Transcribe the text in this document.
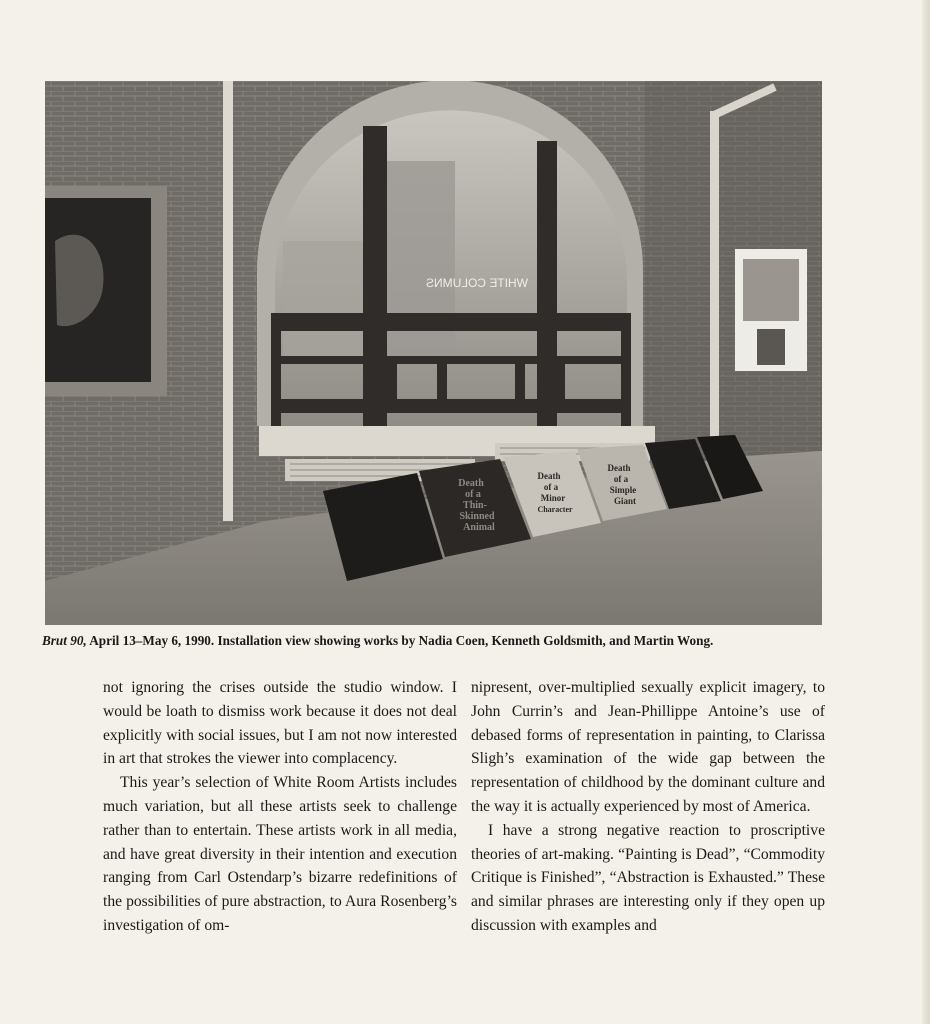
WHITE COLUMNS
Death
of a
Thin-
Skinned
Animal
Death
of a
Minor
Character
Death
of a
Simple
Giant
Brut 90, April 13–May 6, 1990. Installation view showing works by Nadia Coen, Kenneth Goldsmith, and Martin Wong.

not ignoring the crises outside the studio window. I would be loath to dismiss work because it does not deal explicitly with social issues, but I am not now interested in art that strokes the viewer into complacency.

This year’s selection of White Room Artists includes much variation, but all these artists seek to challenge rather than to entertain. These artists work in all media, and have great diversity in their intention and execution ranging from Carl Ostendarp’s bizarre redefinitions of the possibilities of pure abstraction, to Aura Rosenberg’s investigation of om-

nipresent, over-multiplied sexually explicit imagery, to John Currin’s and Jean-Phillippe Antoine’s use of debased forms of representation in painting, to Clarissa Sligh’s examination of the wide gap between the representation of childhood by the dominant culture and the way it is actually experienced by most of America.

I have a strong negative reaction to proscriptive theories of art-making. “Painting is Dead”, “Commodity Critique is Finished”, “Abstraction is Exhausted.” These and similar phrases are interesting only if they open up discussion with examples and
